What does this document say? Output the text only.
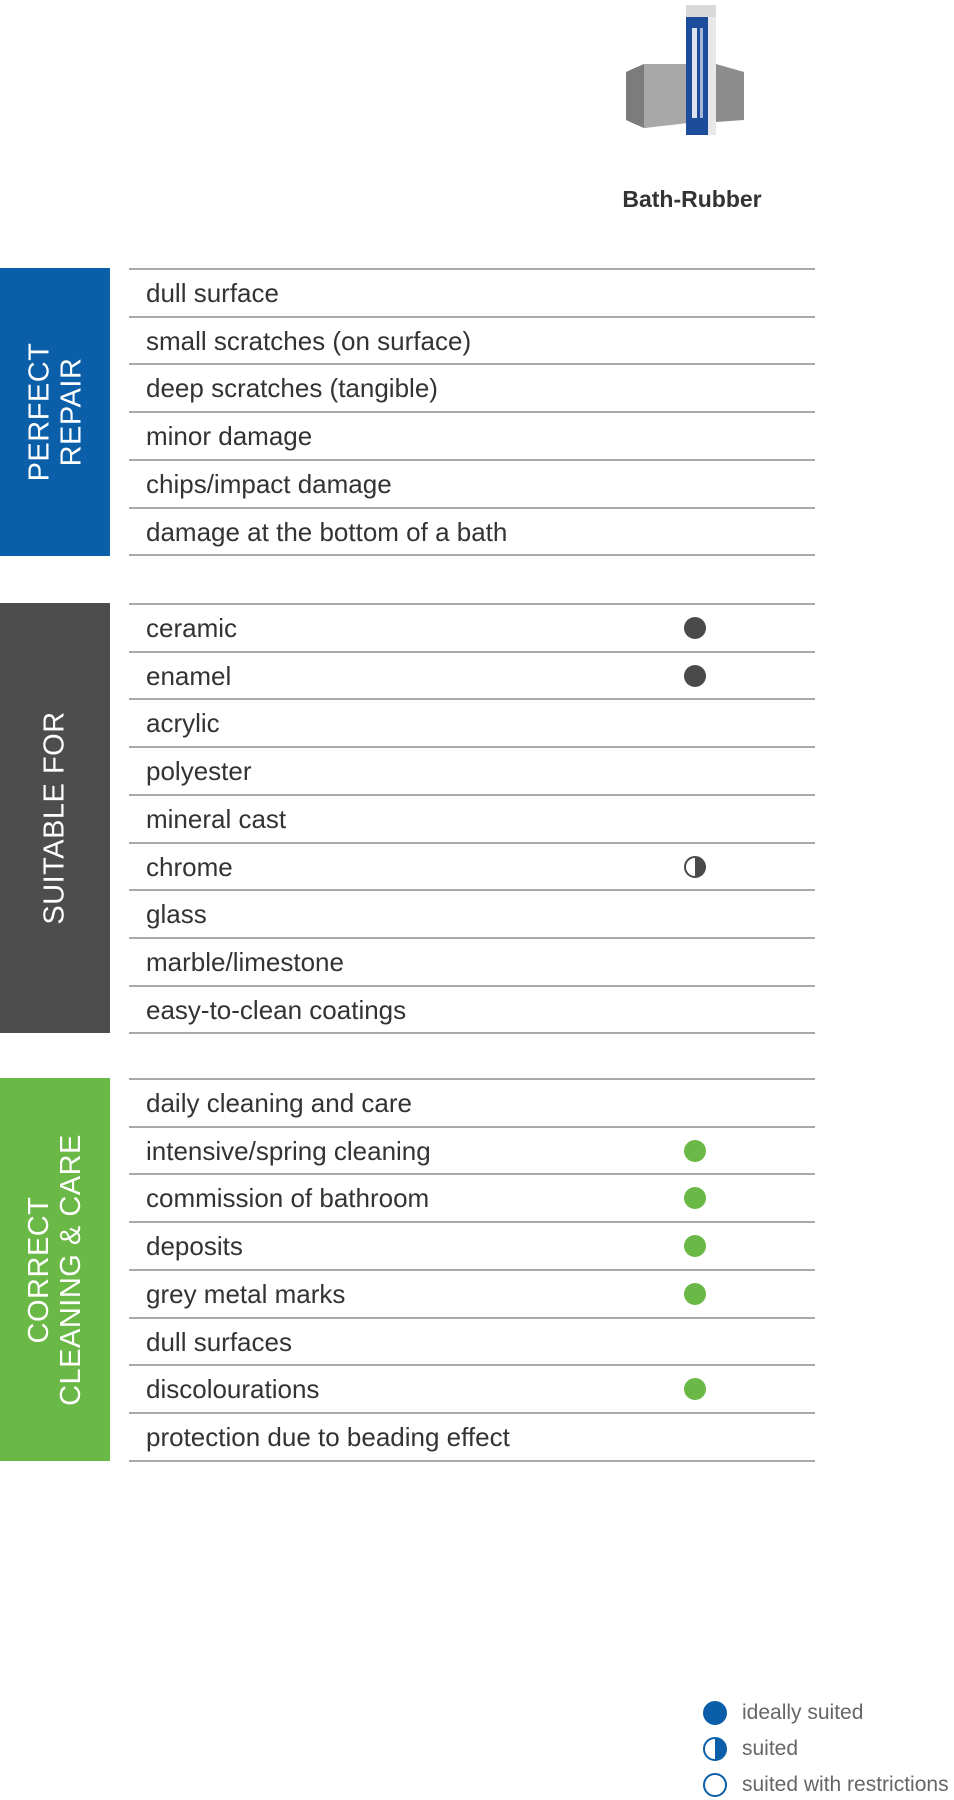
Bath-Rubber
PERFECT REPAIR
SUITABLE FOR
CORRECT CLEANING & CARE
dull surface
small scratches (on surface)
deep scratches (tangible)
minor damage
chips/impact damage
damage at the bottom of a bath
ceramic
enamel
acrylic
polyester
mineral cast
chrome
glass
marble/limestone
easy-to-clean coatings
daily cleaning and care
intensive/spring cleaning
commission of bathroom
deposits
grey metal marks
dull surfaces
discolourations
protection due to beading effect
ideally suited
suited
suited with restrictions
